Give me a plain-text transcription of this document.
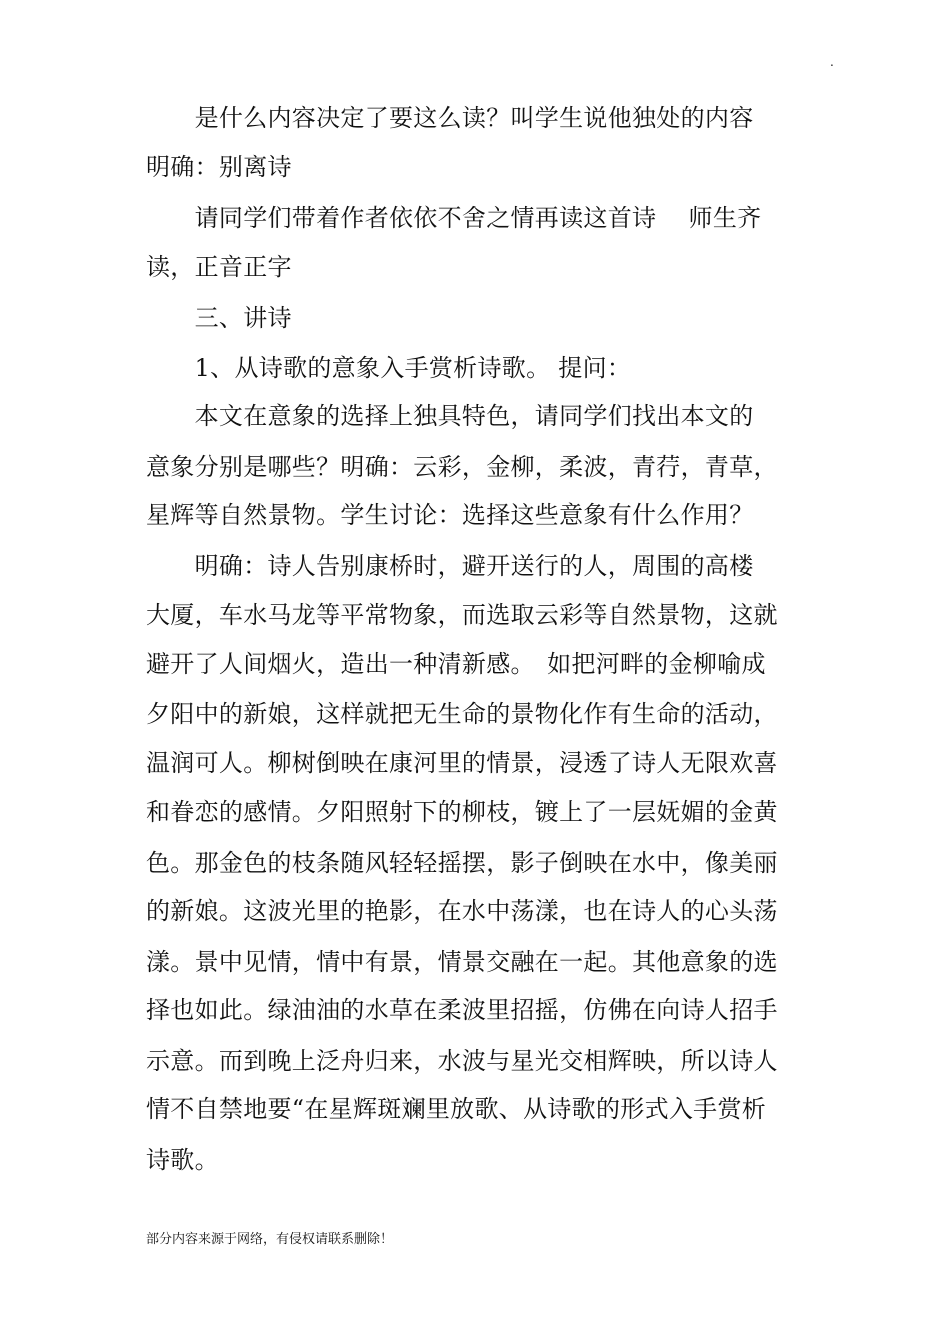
.
　　是什么内容决定了要这么读？叫学生说他独处的内容
明确：别离诗
　　请同学们带着作者依依不舍之情再读这首诗　 师生齐
读，正音正字
　　三、讲诗
　　1、从诗歌的意象入手赏析诗歌。 提问：
　　本文在意象的选择上独具特色，请同学们找出本文的
意象分别是哪些？明确：云彩，金柳，柔波，青荇，青草，
星辉等自然景物。学生讨论：选择这些意象有什么作用？
　　明确：诗人告别康桥时，避开送行的人，周围的高楼
大厦，车水马龙等平常物象，而选取云彩等自然景物，这就
避开了人间烟火，造出一种清新感。　如把河畔的金柳喻成
夕阳中的新娘，这样就把无生命的景物化作有生命的活动，
温润可人。柳树倒映在康河里的情景，浸透了诗人无限欢喜
和眷恋的感情。夕阳照射下的柳枝，镀上了一层妩媚的金黄
色。那金色的枝条随风轻轻摇摆，影子倒映在水中，像美丽
的新娘。这波光里的艳影，在水中荡漾，也在诗人的心头荡
漾。景中见情，情中有景，情景交融在一起。其他意象的选
择也如此。绿油油的水草在柔波里招摇，仿佛在向诗人招手
示意。而到晚上泛舟归来，水波与星光交相辉映，所以诗人
情不自禁地要“在星辉斑斓里放歌、从诗歌的形式入手赏析
诗歌。
部分内容来源于网络，有侵权请联系删除！
